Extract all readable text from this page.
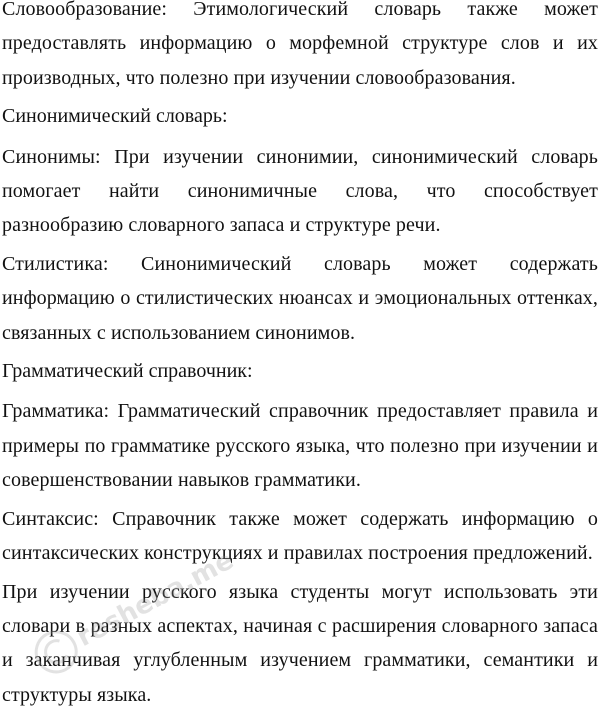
Словообразование: Этимологический словарь также может предоставлять информацию о морфемной структуре слов и их производных, что полезно при изучении словообразования.

Синонимический словарь:

Синонимы: При изучении синонимии, синонимический словарь помогает найти синонимичные слова, что способствует разнообразию словарного запаса и структуре речи.

Стилистика: Синонимический словарь может содержать информацию о стилистических нюансах и эмоциональных оттенках, связанных с использованием синонимов.

Грамматический справочник:

Грамматика: Грамматический справочник предоставляет правила и примеры по грамматике русского языка, что полезно при изучении и совершенствовании навыков грамматики.

Синтаксис: Справочник также может содержать информацию о синтаксических конструкциях и правилах построения предложений.

При изучении русского языка студенты могут использовать эти словари в разных аспектах, начиная с расширения словарного запаса и заканчивая углубленным изучением грамматики, семантики и структуры языка.

resheba.me
